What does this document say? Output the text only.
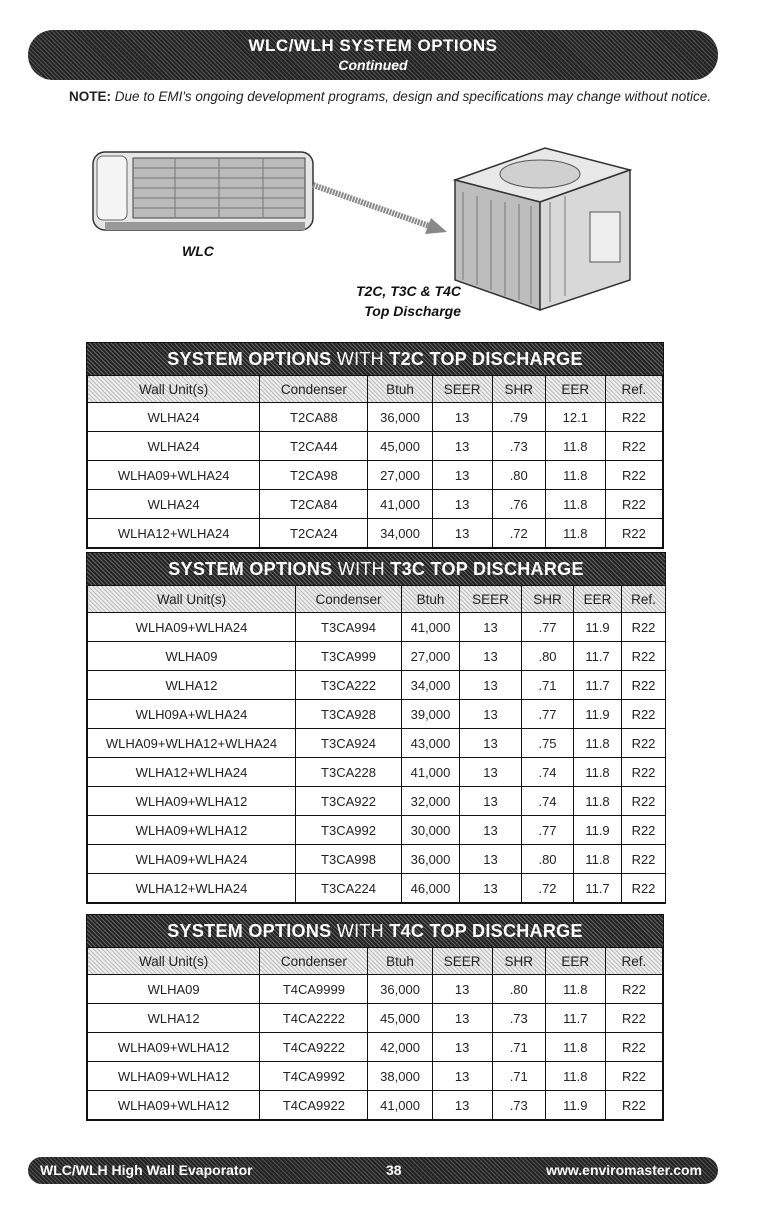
WLC/WLH SYSTEM OPTIONS
Continued
NOTE: Due to EMI's ongoing development programs, design and specifications may change without notice.
WLC
T2C, T3C & T4C
Top Discharge
SYSTEM OPTIONS WITH T2C TOP DISCHARGE
Wall Unit(s)	Condenser	Btuh	SEER	SHR	EER	Ref.
WLHA24	T2CA88	36,000	13	.79	12.1	R22
WLHA24	T2CA44	45,000	13	.73	11.8	R22
WLHA09+WLHA24	T2CA98	27,000	13	.80	11.8	R22
WLHA24	T2CA84	41,000	13	.76	11.8	R22
WLHA12+WLHA24	T2CA24	34,000	13	.72	11.8	R22
SYSTEM OPTIONS WITH T3C TOP DISCHARGE
Wall Unit(s)	Condenser	Btuh	SEER	SHR	EER	Ref.
WLHA09+WLHA24	T3CA994	41,000	13	.77	11.9	R22
WLHA09	T3CA999	27,000	13	.80	11.7	R22
WLHA12	T3CA222	34,000	13	.71	11.7	R22
WLH09A+WLHA24	T3CA928	39,000	13	.77	11.9	R22
WLHA09+WLHA12+WLHA24	T3CA924	43,000	13	.75	11.8	R22
WLHA12+WLHA24	T3CA228	41,000	13	.74	11.8	R22
WLHA09+WLHA12	T3CA922	32,000	13	.74	11.8	R22
WLHA09+WLHA12	T3CA992	30,000	13	.77	11.9	R22
WLHA09+WLHA24	T3CA998	36,000	13	.80	11.8	R22
WLHA12+WLHA24	T3CA224	46,000	13	.72	11.7	R22
SYSTEM OPTIONS WITH T4C TOP DISCHARGE
Wall Unit(s)	Condenser	Btuh	SEER	SHR	EER	Ref.
WLHA09	T4CA9999	36,000	13	.80	11.8	R22
WLHA12	T4CA2222	45,000	13	.73	11.7	R22
WLHA09+WLHA12	T4CA9222	42,000	13	.71	11.8	R22
WLHA09+WLHA12	T4CA9992	38,000	13	.71	11.8	R22
WLHA09+WLHA12	T4CA9922	41,000	13	.73	11.9	R22
WLC/WLH High Wall Evaporator	38	www.enviromaster.com
